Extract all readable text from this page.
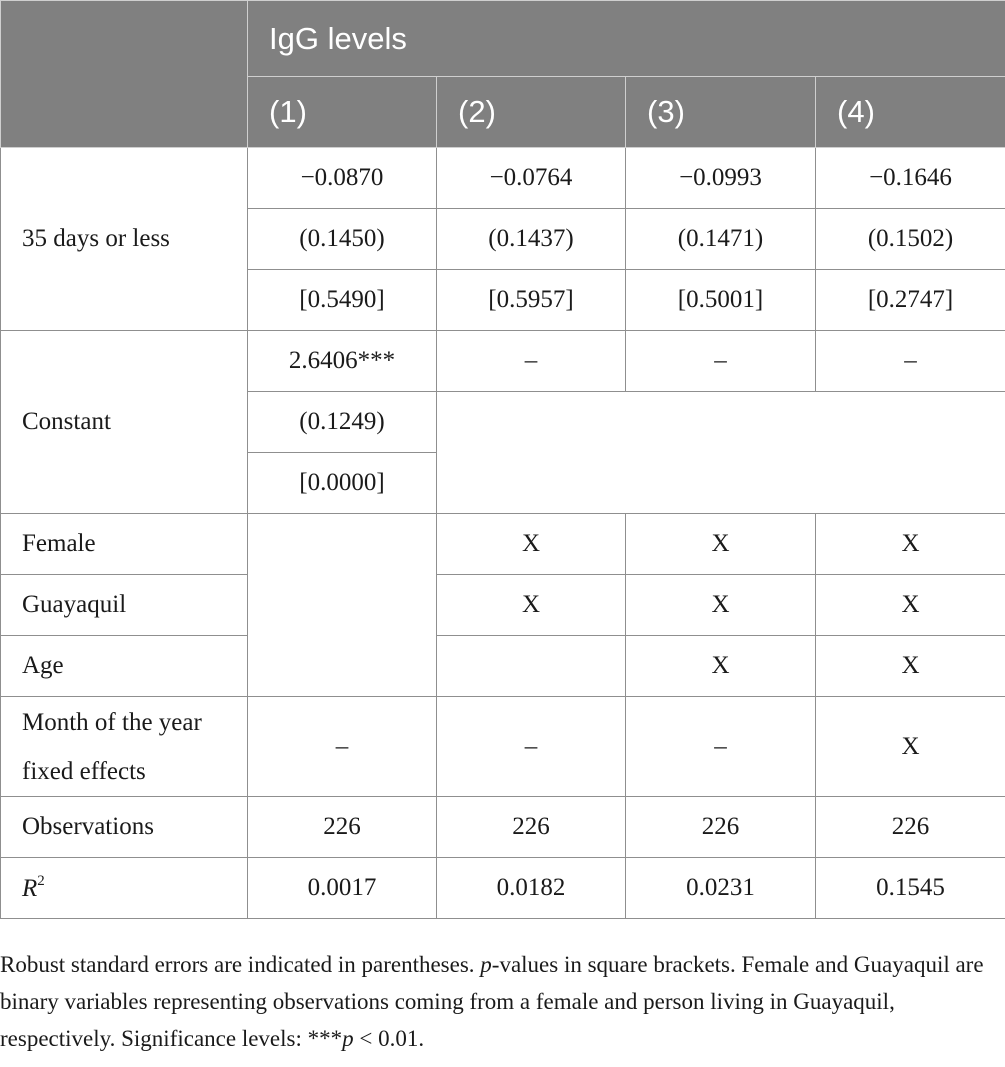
	IgG levels			
	(1)	(2)	(3)	(4)
35 days or less	−0.0870	−0.0764	−0.0993	−0.1646
	(0.1450)	(0.1437)	(0.1471)	(0.1502)
	[0.5490]	[0.5957]	[0.5001]	[0.2747]
Constant	2.6406***	–	–	–
	(0.1249)			
	[0.0000]			
Female		X	X	X
Guayaquil		X	X	X
Age			X	X
Month of the year fixed effects	–	–	–	X
Observations	226	226	226	226
$R^2$	0.0017	0.0182	0.0231	0.1545
Robust standard errors are indicated in parentheses. p-values in square brackets. Female and Guayaquil are binary variables representing observations coming from a female and person living in Guayaquil, respectively. Significance levels: ***p < 0.01.
